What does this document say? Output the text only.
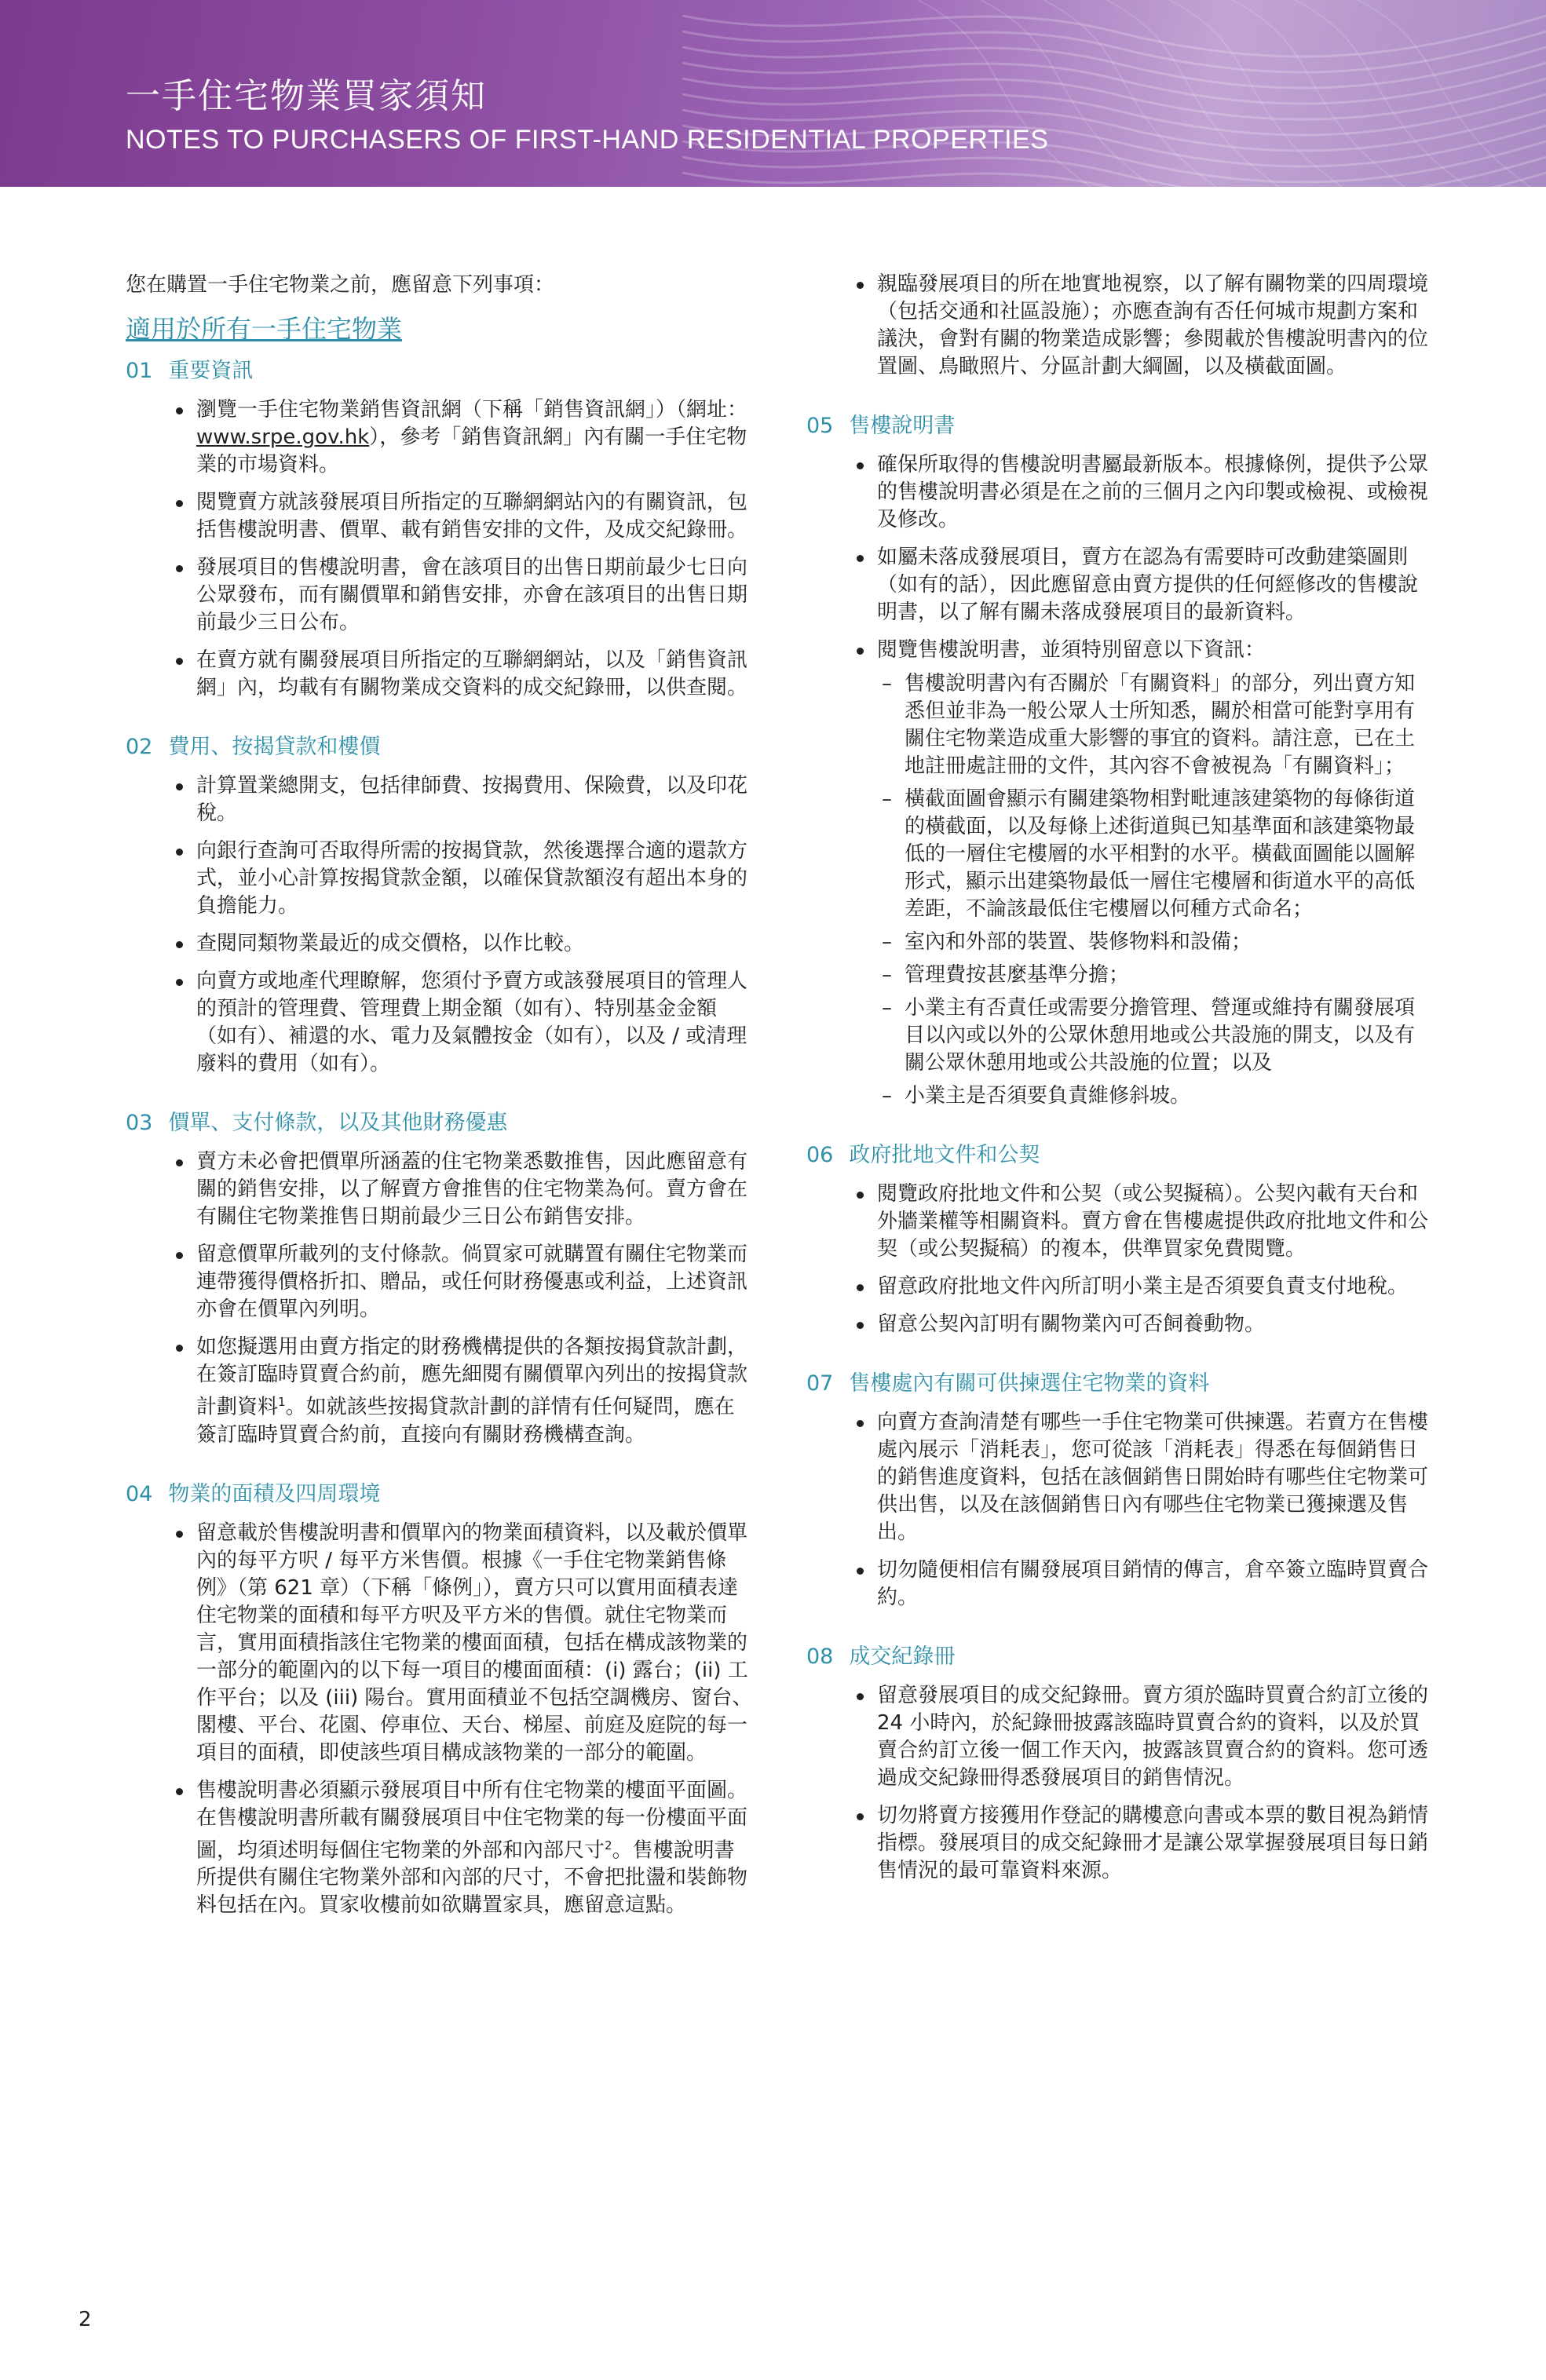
一手住宅物業買家須知
NOTES TO PURCHASERS OF FIRST-HAND RESIDENTIAL PROPERTIES

您在購置一手住宅物業之前，應留意下列事項：

適用於所有一手住宅物業

01 重要資訊
瀏覽一手住宅物業銷售資訊網（下稱「銷售資訊網」）（網址：www.srpe.gov.hk），參考「銷售資訊網」內有關一手住宅物業的市場資料。
閱覽賣方就該發展項目所指定的互聯網網站內的有關資訊，包括售樓說明書、價單、載有銷售安排的文件，及成交紀錄冊。
發展項目的售樓說明書，會在該項目的出售日期前最少七日向公眾發布，而有關價單和銷售安排，亦會在該項目的出售日期前最少三日公布。
在賣方就有關發展項目所指定的互聯網網站，以及「銷售資訊網」內，均載有有關物業成交資料的成交紀錄冊，以供查閱。
02 費用、按揭貸款和樓價
計算置業總開支，包括律師費、按揭費用、保險費，以及印花稅。
向銀行查詢可否取得所需的按揭貸款，然後選擇合適的還款方式，並小心計算按揭貸款金額，以確保貸款額沒有超出本身的負擔能力。
查閱同類物業最近的成交價格，以作比較。
向賣方或地產代理瞭解，您須付予賣方或該發展項目的管理人的預計的管理費、管理費上期金額（如有）、特別基金金額（如有）、補還的水、電力及氣體按金（如有），以及 / 或清理廢料的費用（如有）。
03 價單、支付條款，以及其他財務優惠
賣方未必會把價單所涵蓋的住宅物業悉數推售，因此應留意有關的銷售安排，以了解賣方會推售的住宅物業為何。賣方會在有關住宅物業推售日期前最少三日公布銷售安排。
留意價單所載列的支付條款。倘買家可就購置有關住宅物業而連帶獲得價格折扣、贈品，或任何財務優惠或利益，上述資訊亦會在價單內列明。
如您擬選用由賣方指定的財務機構提供的各類按揭貸款計劃，在簽訂臨時買賣合約前，應先細閱有關價單內列出的按揭貸款計劃資料$^1$。如就該些按揭貸款計劃的詳情有任何疑問，應在簽訂臨時買賣合約前，直接向有關財務機構查詢。
04 物業的面積及四周環境
留意載於售樓說明書和價單內的物業面積資料，以及載於價單內的每平方呎 / 每平方米售價。根據《一手住宅物業銷售條例》（第 621 章）（下稱「條例」），賣方只可以實用面積表達住宅物業的面積和每平方呎及平方米的售價。就住宅物業而言，實用面積指該住宅物業的樓面面積，包括在構成該物業的一部分的範圍內的以下每一項目的樓面面積：(i) 露台；(ii) 工作平台；以及 (iii) 陽台。實用面積並不包括空調機房、窗台、閣樓、平台、花園、停車位、天台、梯屋、前庭及庭院的每一項目的面積，即使該些項目構成該物業的一部分的範圍。
售樓說明書必須顯示發展項目中所有住宅物業的樓面平面圖。在售樓說明書所載有關發展項目中住宅物業的每一份樓面平面圖，均須述明每個住宅物業的外部和內部尺寸$^2$。售樓說明書所提供有關住宅物業外部和內部的尺寸，不會把批盪和裝飾物料包括在內。買家收樓前如欲購置家具，應留意這點。
親臨發展項目的所在地實地視察，以了解有關物業的四周環境（包括交通和社區設施）；亦應查詢有否任何城市規劃方案和議決，會對有關的物業造成影響；參閱載於售樓說明書內的位置圖、鳥瞰照片、分區計劃大綱圖，以及橫截面圖。
05 售樓說明書
確保所取得的售樓說明書屬最新版本。根據條例，提供予公眾的售樓說明書必須是在之前的三個月之內印製或檢視、或檢視及修改。
如屬未落成發展項目，賣方在認為有需要時可改動建築圖則（如有的話），因此應留意由賣方提供的任何經修改的售樓說明書，以了解有關未落成發展項目的最新資料。
閱覽售樓說明書，並須特別留意以下資訊：
– 售樓說明書內有否關於「有關資料」的部分，列出賣方知悉但並非為一般公眾人士所知悉，關於相當可能對享用有關住宅物業造成重大影響的事宜的資料。請注意，已在土地註冊處註冊的文件，其內容不會被視為「有關資料」；
– 橫截面圖會顯示有關建築物相對毗連該建築物的每條街道的橫截面，以及每條上述街道與已知基準面和該建築物最低的一層住宅樓層的水平相對的水平。橫截面圖能以圖解形式，顯示出建築物最低一層住宅樓層和街道水平的高低差距，不論該最低住宅樓層以何種方式命名；
– 室內和外部的裝置、裝修物料和設備；
– 管理費按甚麼基準分擔；
– 小業主有否責任或需要分擔管理、營運或維持有關發展項目以內或以外的公眾休憩用地或公共設施的開支，以及有關公眾休憩用地或公共設施的位置；以及
– 小業主是否須要負責維修斜坡。
06 政府批地文件和公契
閱覽政府批地文件和公契（或公契擬稿）。公契內載有天台和外牆業權等相關資料。賣方會在售樓處提供政府批地文件和公契（或公契擬稿）的複本，供準買家免費閱覽。
留意政府批地文件內所訂明小業主是否須要負責支付地稅。
留意公契內訂明有關物業內可否飼養動物。
07 售樓處內有關可供揀選住宅物業的資料
向賣方查詢清楚有哪些一手住宅物業可供揀選。若賣方在售樓處內展示「消耗表」，您可從該「消耗表」得悉在每個銷售日的銷售進度資料，包括在該個銷售日開始時有哪些住宅物業可供出售，以及在該個銷售日內有哪些住宅物業已獲揀選及售出。
切勿隨便相信有關發展項目銷情的傳言，倉卒簽立臨時買賣合約。
08 成交紀錄冊
留意發展項目的成交紀錄冊。賣方須於臨時買賣合約訂立後的 24 小時內，於紀錄冊披露該臨時買賣合約的資料，以及於買賣合約訂立後一個工作天內，披露該買賣合約的資料。您可透過成交紀錄冊得悉發展項目的銷售情況。
切勿將賣方接獲用作登記的購樓意向書或本票的數目視為銷情指標。發展項目的成交紀錄冊才是讓公眾掌握發展項目每日銷售情況的最可靠資料來源。
2
